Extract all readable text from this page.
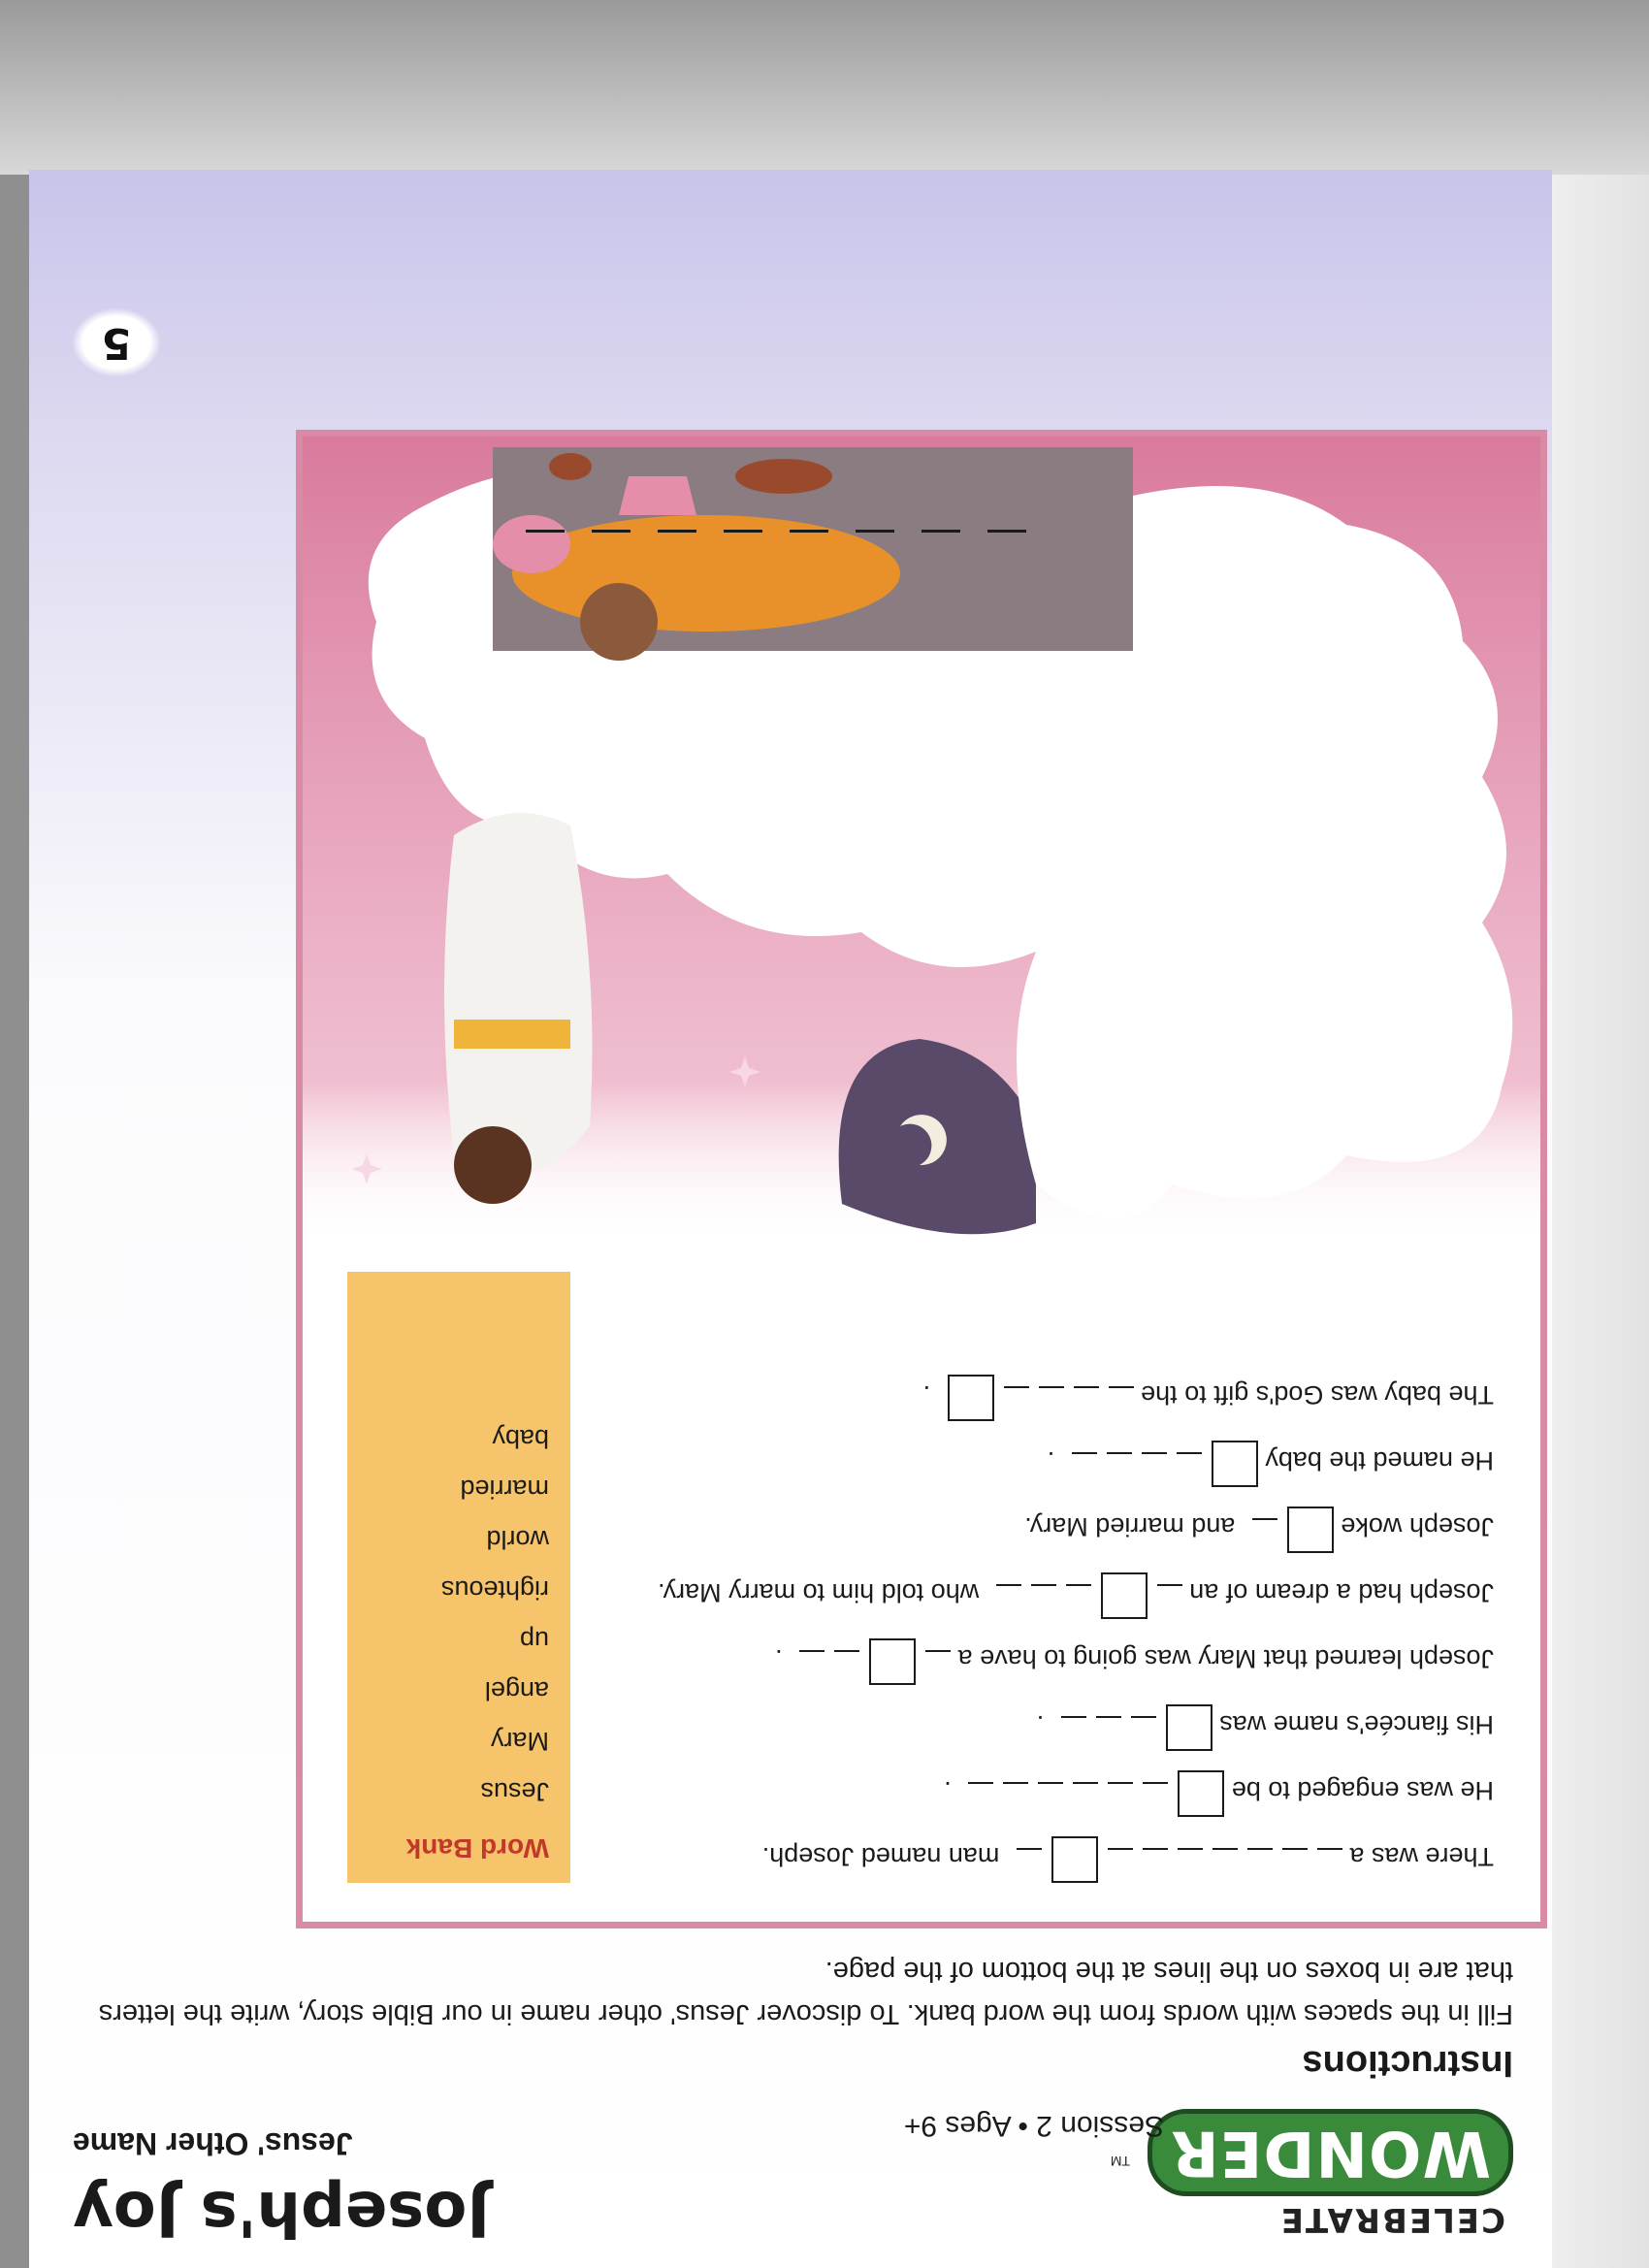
CELEBRATE
WONDER
TM
Joseph's Joy
Jesus' Other Name
Session 2 • Ages 9+
Instructions
Fill in the spaces with words from the word bank. To discover Jesus' other name in our Bible story, write the letters that are in boxes on the lines at the bottom of the page.
There was a  man named Joseph.
He was engaged to be  .
His fiancée's name was  .
Joseph learned that Mary was going to have a  .
Joseph had a dream of an  who told him to marry Mary.
Joseph woke  and married Mary.
He named the baby  .
The baby was God's gift to the  .
Word Bank
Jesus
Mary
angel
up
righteous
world
married
baby
5
